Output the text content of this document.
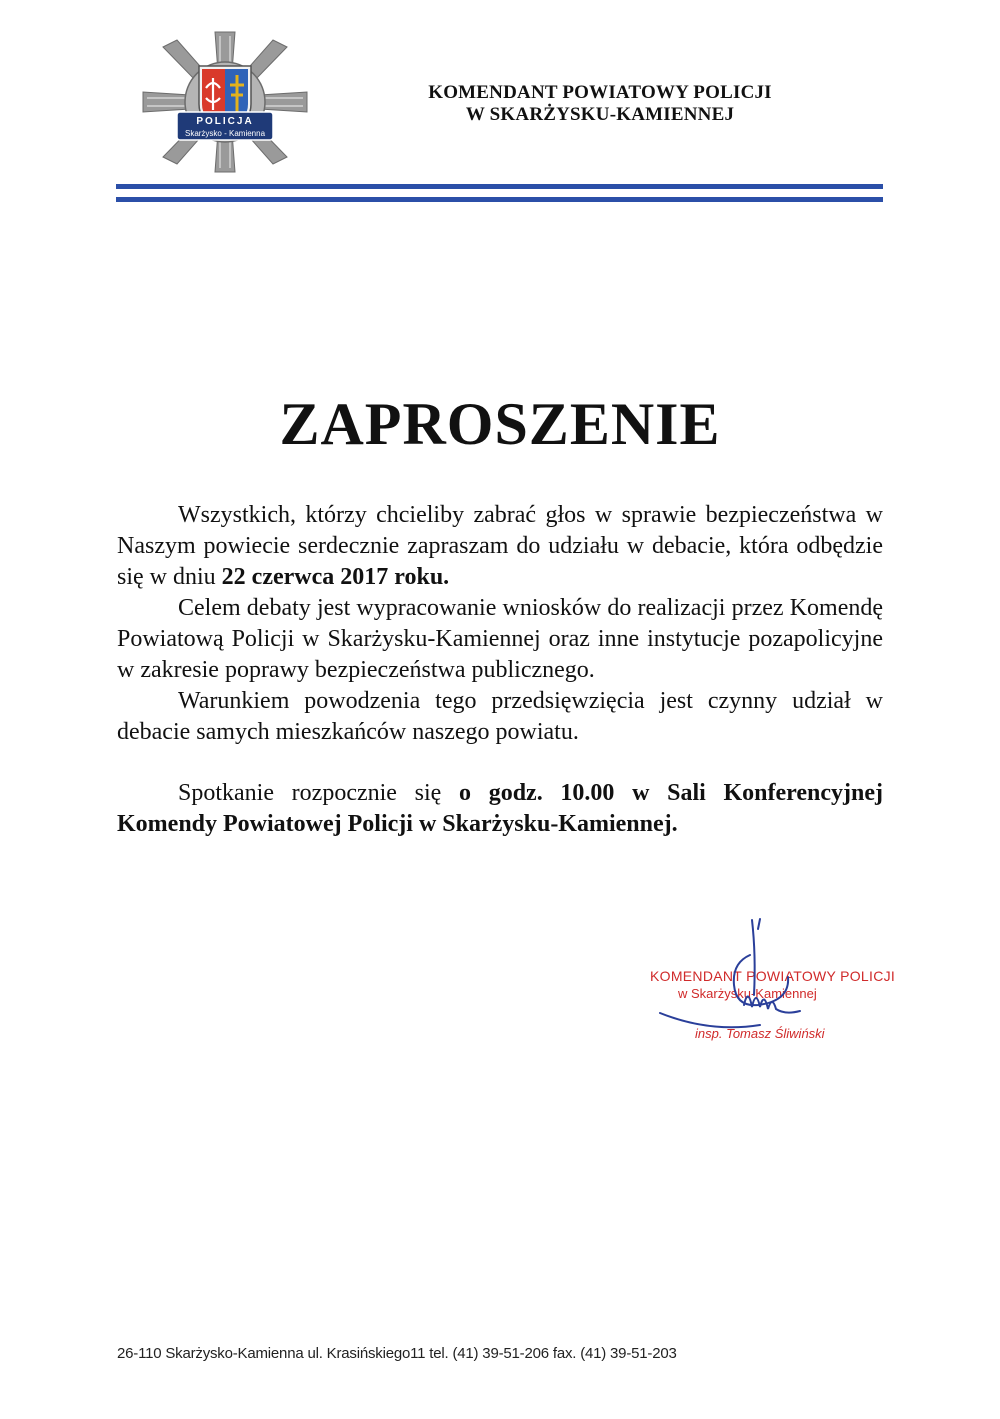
POLICJA
Skarżysko - Kamienna
KOMENDANT POWIATOWY POLICJI
W SKARŻYSKU-KAMIENNEJ
ZAPROSZENIE

Wszystkich, którzy chcieliby zabrać głos w sprawie bezpieczeństwa w Naszym powiecie serdecznie zapraszam do udziału w debacie, która odbędzie się w dniu 22 czerwca 2017 roku.

Celem debaty jest wypracowanie wniosków do realizacji przez Komendę Powiatową Policji w Skarżysku-Kamiennej oraz inne instytucje pozapolicyjne w zakresie poprawy bezpieczeństwa publicznego.

Warunkiem powodzenia tego przedsięwzięcia jest czynny udział w debacie samych mieszkańców naszego powiatu.

Spotkanie rozpocznie się o godz. 10.00 w Sali Konferencyjnej Komendy Powiatowej Policji w Skarżysku-Kamiennej.

KOMENDANT POWIATOWY POLICJI
w Skarżysku-Kamiennej
insp. Tomasz Śliwiński
26-110 Skarżysko-Kamienna ul. Krasińskiego11 tel. (41) 39-51-206 fax. (41) 39-51-203
